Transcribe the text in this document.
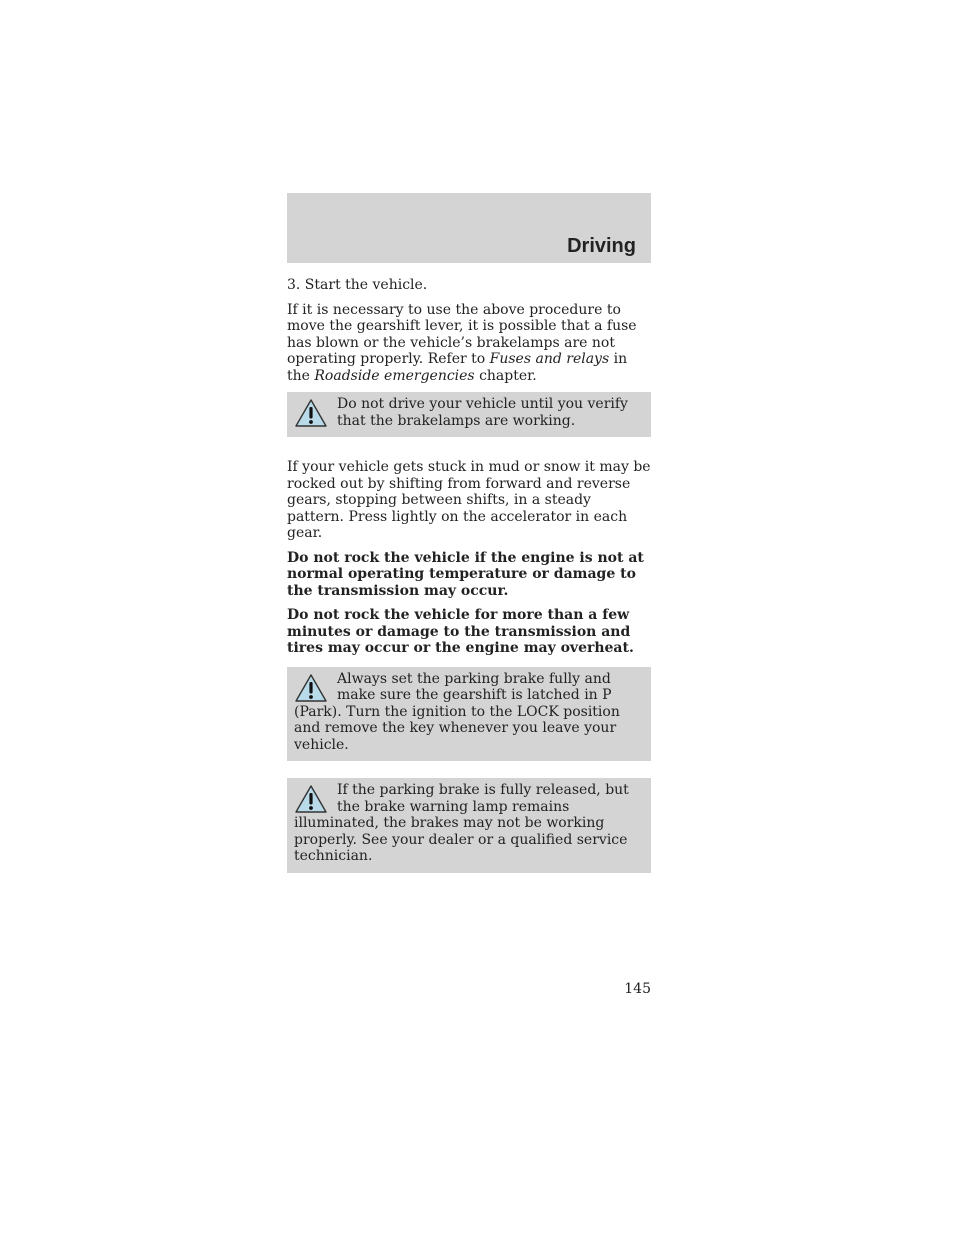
Driving

3. Start the vehicle.

If it is necessary to use the above procedure to move the gearshift lever, it is possible that a fuse has blown or the vehicle’s brakelamps are not operating properly. Refer to Fuses and relays in the Roadside emergencies chapter.

Do not drive your vehicle until you verify that the brakelamps are working.

If your vehicle gets stuck in mud or snow it may be rocked out by shifting from forward and reverse gears, stopping between shifts, in a steady pattern. Press lightly on the accelerator in each gear.

Do not rock the vehicle if the engine is not at normal operating temperature or damage to the transmission may occur.

Do not rock the vehicle for more than a few minutes or damage to the transmission and tires may occur or the engine may overheat.

Always set the parking brake fully and make sure the gearshift is latched in P (Park). Turn the ignition to the LOCK position and remove the key whenever you leave your vehicle.
If the parking brake is fully released, but the brake warning lamp remains illuminated, the brakes may not be working properly. See your dealer or a qualified service technician.

145
